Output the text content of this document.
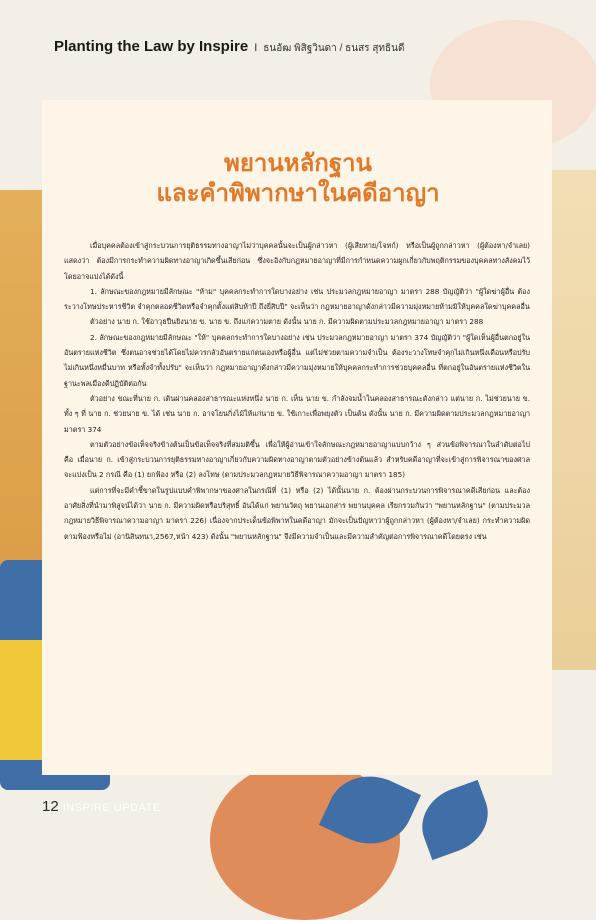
Planting the Law by Inspire I ธนอัฒ พิสิฐวินดา / ธนสร สุทธินดี
พยานหลักฐาน
และคำพิพากษาในคดีอาญา

เมื่อบุคคลต้องเข้าสู่กระบวนการยุติธรรมทางอาญาไม่ว่าบุคคลนั้นจะเป็นผู้กล่าวหา (ผู้เสียหาย/โจทก์) หรือเป็นผู้ถูกกล่าวหา (ผู้ต้องหา/จำเลย) แสดงว่า ต้องมีการกระทำความผิดทางอาญาเกิดขึ้นเสียก่อน ซึ่งจะอิงกับกฎหมายอาญาที่มีการกำหนดความผูกเกี่ยวกับพฤติกรรมของบุคคลทางสังคมไว้ โดยอาจแบ่งได้ดังนี้

1. ลักษณะของกฎหมายมีลักษณะ "ห้าม" บุคคลกระทำการใดบางอย่าง เช่น ประมวลกฎหมายอาญา มาตรา 288 บัญญัติว่า "ผู้ใดฆ่าผู้อื่น ต้องระวางโทษประหารชีวิต จำคุกตลอดชีวิตหรือจำคุกตั้งแต่สิบห้าปี ถึงยี่สิบปี" จะเห็นว่า กฎหมายอาญาดังกล่าวมีความมุ่งหมายห้ามมิให้บุคคลใดฆ่าบุคคลอื่น

ตัวอย่าง นาย ก. ใช้อาวุธปืนยิงนาย ข. นาย ข. ถึงแก่ความตาย ดังนั้น นาย ก. มีความผิดตามประมวลกฎหมายอาญา มาตรา 288

2. ลักษณะของกฎหมายมีลักษณะ "ให้" บุคคลกระทำการใดบางอย่าง เช่น ประมวลกฎหมายอาญา มาตรา 374 บัญญัติว่า "ผู้ใดเห็นผู้อื่นตกอยู่ในอันตรายแห่งชีวิต ซึ่งตนอาจช่วยได้โดยไม่ควรกลัวอันตรายแก่ตนเองหรือผู้อื่น แต่ไม่ช่วยตามความจำเป็น ต้องระวางโทษจำคุกไม่เกินหนึ่งเดือนหรือปรับไม่เกินหนึ่งหมื่นบาท หรือทั้งจำทั้งปรับ" จะเห็นว่า กฎหมายอาญาดังกล่าวมีความมุ่งหมายให้บุคคลกระทำการช่วยบุคคลอื่น ที่ตกอยู่ในอันตรายแห่งชีวิตในฐานะพลเมืองดีปฏิบัติต่อกัน

ตัวอย่าง ขณะที่นาย ก. เดินผ่านคลองสาธารณะแห่งหนึ่ง นาย ก. เห็น นาย ข. กำลังจมน้ำในคลองสาธารณะดังกล่าว แต่นาย ก. ไม่ช่วยนาย ข. ทั้ง ๆ ที่ นาย ก. ช่วยนาย ข. ได้ เช่น นาย ก. อาจโยนกิ่งไม้ให้แก่นาย ข. ใช้เกาะเพื่อพยุงตัว เป็นต้น ดังนั้น นาย ก. มีความผิดตามประมวลกฎหมายอาญา มาตรา 374

ตามตัวอย่างข้อเท็จจริงข้างต้นเป็นข้อเท็จจริงที่สมมติขึ้น เพื่อให้ผู้อ่านเข้าใจลักษณะกฎหมายอาญาแบบกว้าง ๆ ส่วนข้อพิจารณาในลำดับต่อไป คือ เมื่อนาย ก. เข้าสู่กระบวนการยุติธรรมทางอาญาเกี่ยวกับความผิดทางอาญาตามตัวอย่างข้างต้นแล้ว สำหรับคดีอาญาที่จะเข้าสู่การพิจารณาของศาลจะแบ่งเป็น 2 กรณี คือ (1) ยกฟ้อง หรือ (2) ลงโทษ (ตามประมวลกฎหมายวิธีพิจารณาความอาญา มาตรา 185)

แต่การที่จะมีคำชี้ขาดในรูปแบบคำพิพากษาของศาลในกรณีที่ (1) หรือ (2) ได้นั้นนาย ก. ต้องผ่านกระบวนการพิจารณาคดีเสียก่อน และต้องอาศัยสิ่งที่นำมาพิสูจน์ได้ว่า นาย ก. มีความผิดหรือบริสุทธิ์ อันได้แก่ พยานวัตถุ พยานเอกสาร พยานบุคคล เรียกรวมกันว่า "พยานหลักฐาน" (ตามประมวลกฎหมายวิธีพิจารณาความอาญา มาตรา 226) เนื่องจากประเด็นข้อพิพาทในคดีอาญา มักจะเป็นปัญหาว่าผู้ถูกกล่าวหา (ผู้ต้องหา/จำเลย) กระทำความผิดตามฟ้องหรือไม่ (อานิสินทนา,2567,หน้า 423) ดังนั้น "พยานหลักฐาน" จึงมีความจำเป็นและมีความสำคัญต่อการพิจารณาคดีโดยตรง เช่น

12 INSPIRE UPDATE
